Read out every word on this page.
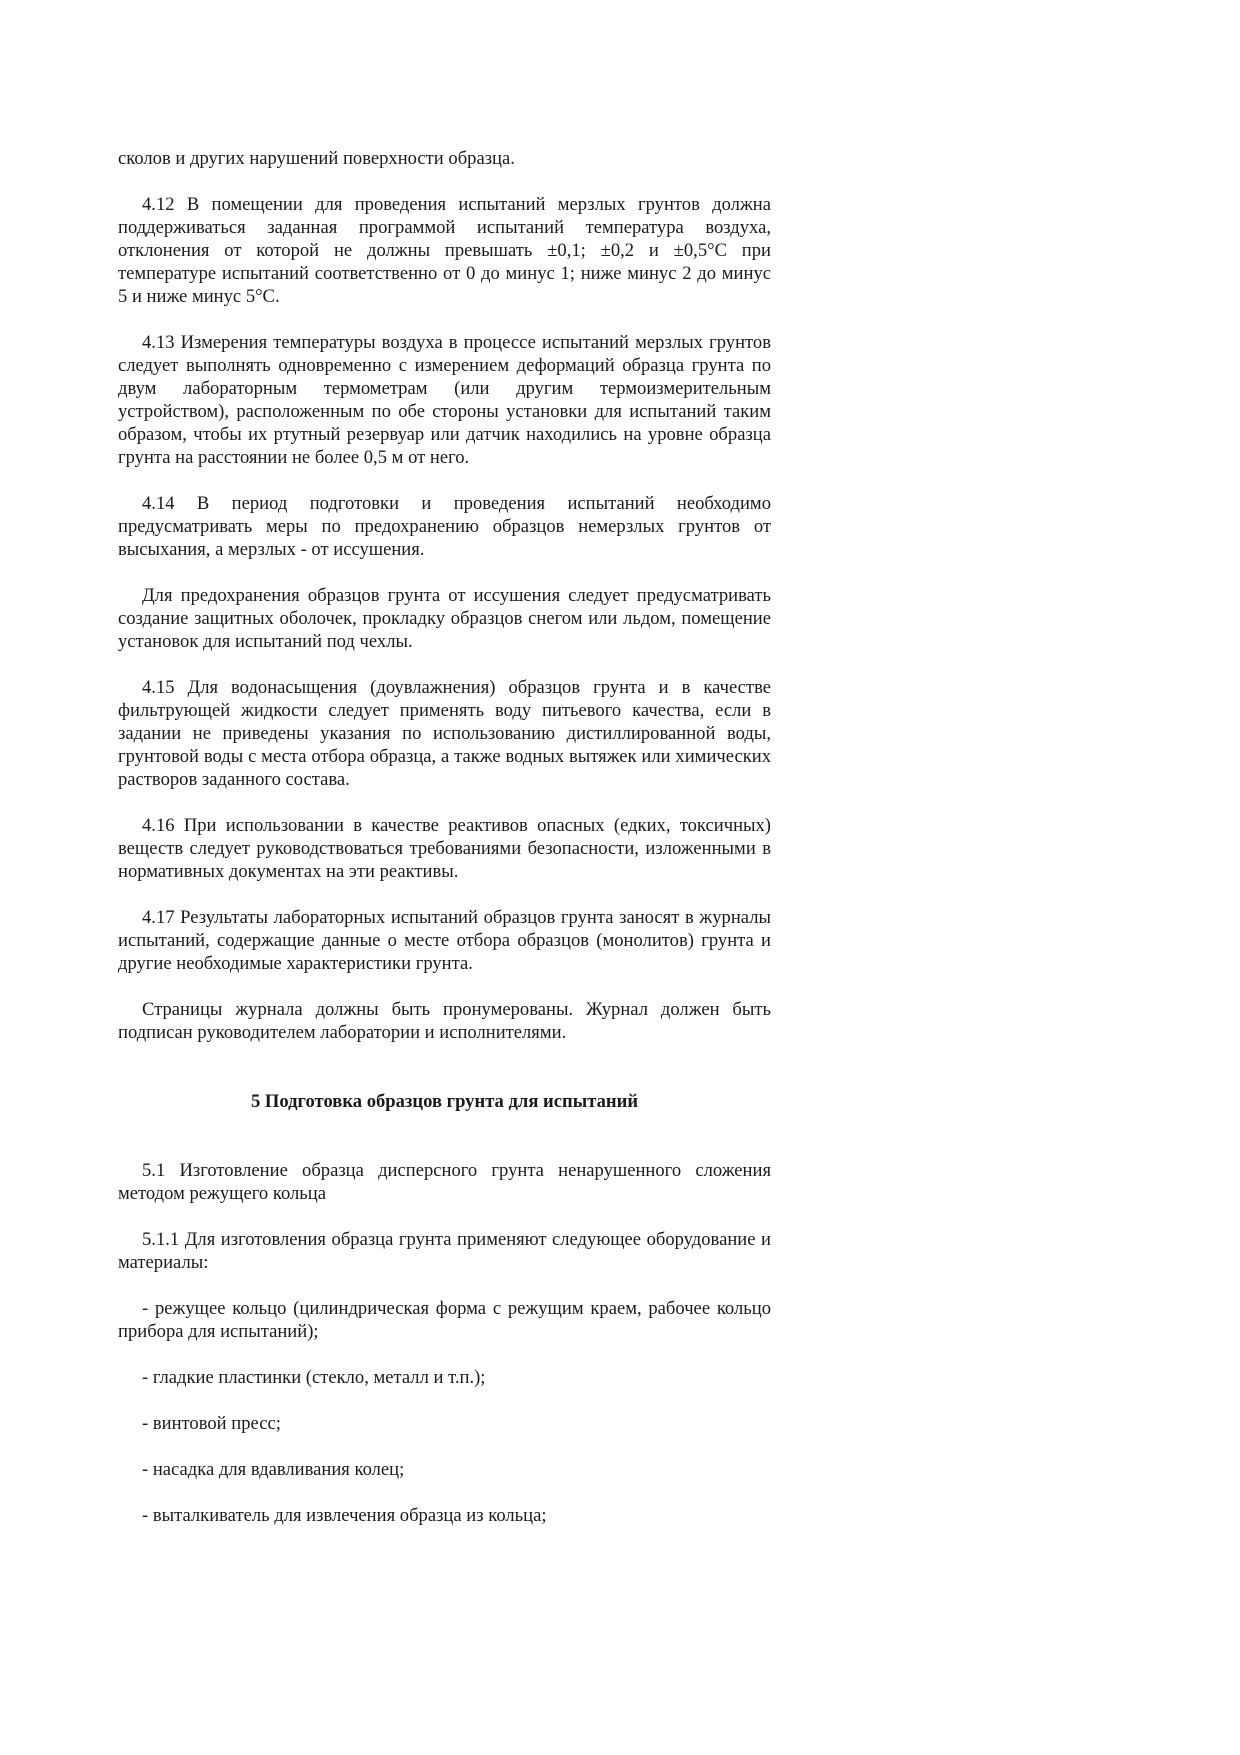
сколов и других нарушений поверхности образца.

4.12 В помещении для проведения испытаний мерзлых грунтов должна поддерживаться заданная программой испытаний температура воздуха, отклонения от которой не должны превышать ±0,1; ±0,2 и ±0,5°С при температуре испытаний соответственно от 0 до минус 1; ниже минус 2 до минус 5 и ниже минус 5°С.

4.13 Измерения температуры воздуха в процессе испытаний мерзлых грунтов следует выполнять одновременно с измерением деформаций образца грунта по двум лабораторным термометрам (или другим термоизмерительным устройством), расположенным по обе стороны установки для испытаний таким образом, чтобы их ртутный резервуар или датчик находились на уровне образца грунта на расстоянии не более 0,5 м от него.

4.14 В период подготовки и проведения испытаний необходимо предусматривать меры по предохранению образцов немерзлых грунтов от высыхания, а мерзлых - от иссушения.

Для предохранения образцов грунта от иссушения следует предусматривать создание защитных оболочек, прокладку образцов снегом или льдом, помещение установок для испытаний под чехлы.

4.15 Для водонасыщения (доувлажнения) образцов грунта и в качестве фильтрующей жидкости следует применять воду питьевого качества, если в задании не приведены указания по использованию дистиллированной воды, грунтовой воды с места отбора образца, а также водных вытяжек или химических растворов заданного состава.

4.16 При использовании в качестве реактивов опасных (едких, токсичных) веществ следует руководствоваться требованиями безопасности, изложенными в нормативных документах на эти реактивы.

4.17 Результаты лабораторных испытаний образцов грунта заносят в журналы испытаний, содержащие данные о месте отбора образцов (монолитов) грунта и другие необходимые характеристики грунта.

Страницы журнала должны быть пронумерованы. Журнал должен быть подписан руководителем лаборатории и исполнителями.

5 Подготовка образцов грунта для испытаний

5.1 Изготовление образца дисперсного грунта ненарушенного сложения методом режущего кольца

5.1.1 Для изготовления образца грунта применяют следующее оборудование и материалы:

- режущее кольцо (цилиндрическая форма с режущим краем, рабочее кольцо прибора для испытаний);

- гладкие пластинки (стекло, металл и т.п.);

- винтовой пресс;

- насадка для вдавливания колец;

- выталкиватель для извлечения образца из кольца;
